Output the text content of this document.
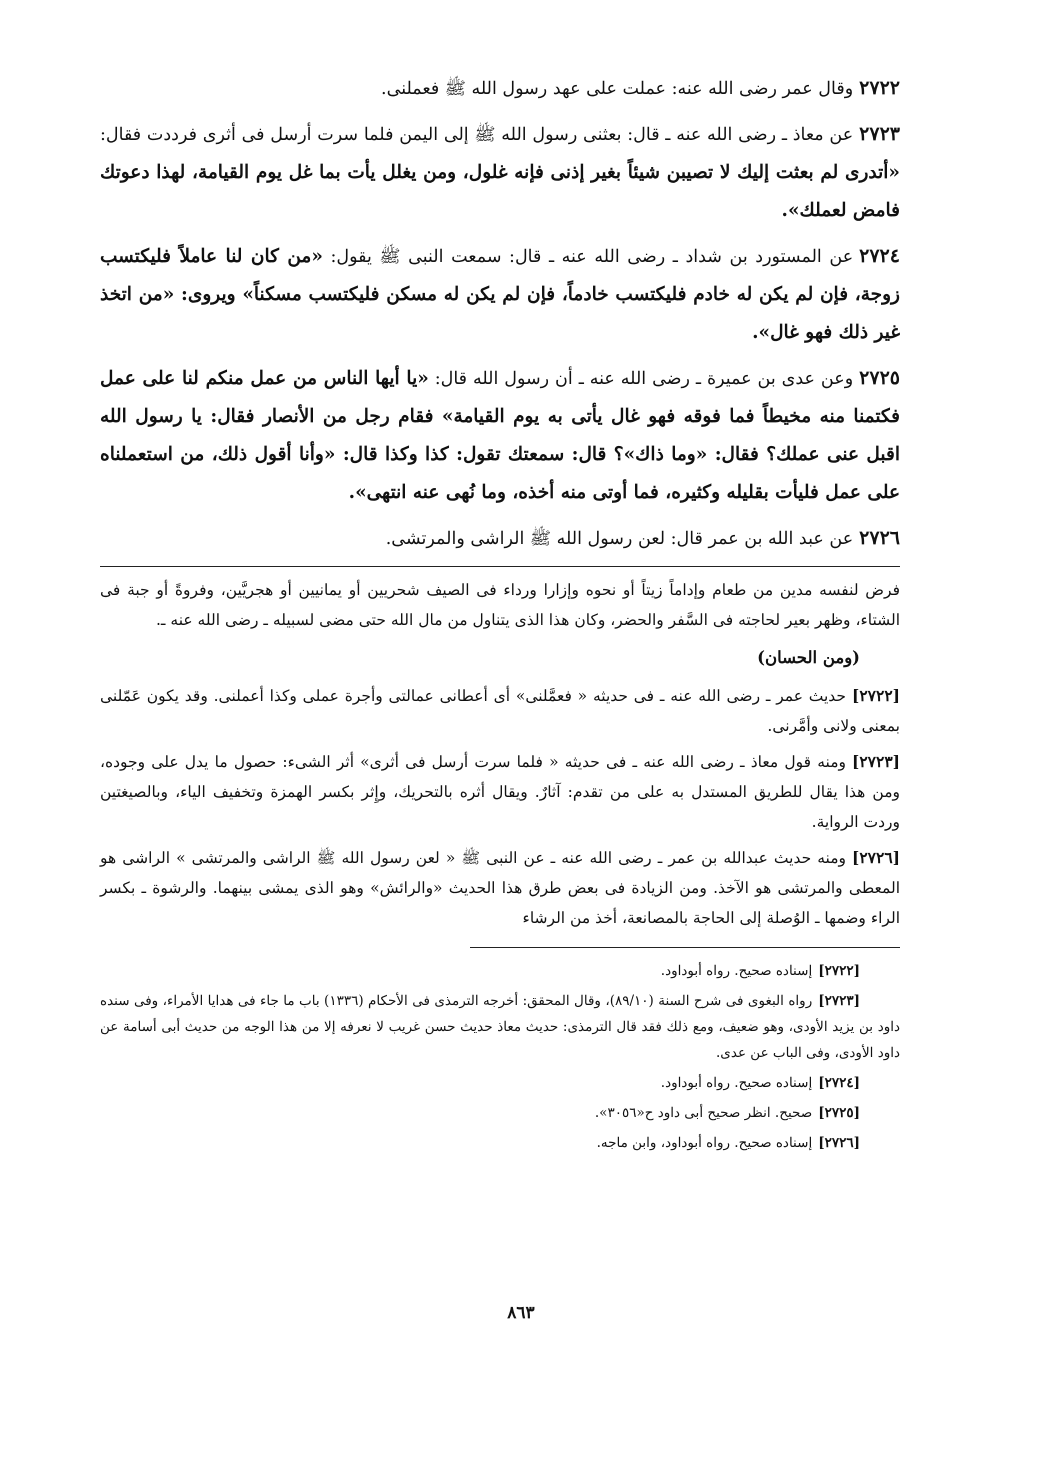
٢٧٢٢وقال عمر رضى الله عنه: عملت على عهد رسول الله ﷺ فعملنى.

٢٧٢٣عن معاذ ـ رضى الله عنه ـ قال: بعثنى رسول الله ﷺ إلى اليمن فلما سرت أرسل فى أثرى فرددت فقال: «أتدرى لم بعثت إليك لا تصيبن شيئاً بغير إذنى فإنه غلول، ومن يغلل يأت بما غل يوم القيامة، لهذا دعوتك فامض لعملك».

٢٧٢٤عن المستورد بن شداد ـ رضى الله عنه ـ قال: سمعت النبى ﷺ يقول: «من كان لنا عاملاً فليكتسب زوجة، فإن لم يكن له خادم فليكتسب خادماً، فإن لم يكن له مسكن فليكتسب مسكناً» ويروى: «من اتخذ غير ذلك فهو غال».

٢٧٢٥وعن عدى بن عميرة ـ رضى الله عنه ـ أن رسول الله قال: «يا أيها الناس من عمل منكم لنا على عمل فكتمنا منه مخيطاً فما فوقه فهو غال يأتى به يوم القيامة» فقام رجل من الأنصار فقال: يا رسول الله اقبل عنى عملك؟ فقال: «وما ذاك»؟ قال: سمعتك تقول: كذا وكذا قال: «وأنا أقول ذلك، من استعملناه على عمل فليأت بقليله وكثيره، فما أوتى منه أخذه، وما نُهى عنه انتهى».

٢٧٢٦عن عبد الله بن عمر قال: لعن رسول الله ﷺ الراشى والمرتشى.

فرض لنفسه مدين من طعام وإداماً زيتاً أو نحوه وإزارا ورداء فى الصيف شحريين أو يمانيين أو هجريَّين، وفروةً أو جبة فى الشتاء، وظهر بعير لحاجته فى السَّفر والحضر، وكان هذا الذى يتناول من مال الله حتى مضى لسبيله ـ رضى الله عنه ـ.

(ومن الحسان)

[٢٧٢٢]حديث عمر ـ رضى الله عنه ـ فى حديثه « فعمَّلنى» أى أعطانى عمالتى وأجرة عملى وكذا أعملنى. وقد يكون عَمّلنى بمعنى ولانى وأمَّرنى.

[٢٧٢٣]ومنه قول معاذ ـ رضى الله عنه ـ فى حديثه « فلما سرت أرسل فى أثرى» أثر الشىء: حصول ما يدل على وجوده، ومن هذا يقال للطريق المستدل به على من تقدم: آثارٌ. ويقال أثره بالتحريك، وإِثر بكسر الهمزة وتخفيف الياء، وبالصيغتين وردت الرواية.

[٢٧٢٦]ومنه حديث عبدالله بن عمر ـ رضى الله عنه ـ عن النبى ﷺ « لعن رسول الله ﷺ الراشى والمرتشى » الراشى هو المعطى والمرتشى هو الآخذ. ومن الزيادة فى بعض طرق هذا الحديث «والرائش» وهو الذى يمشى بينهما. والرشوة ـ بكسر الراء وضمها ـ الوُصلة إلى الحاجة بالمصانعة، أخذ من الرشاء

[٢٧٢٢]إسناده صحيح. رواه أبوداود.
[٢٧٢٣]رواه البغوى فى شرح السنة (٨٩/١٠)، وقال المحقق: أخرجه الترمذى فى الأحكام (١٣٣٦) باب ما جاء فى هدايا الأمراء، وفى سنده داود بن يزيد الأودى، وهو ضعيف، ومع ذلك فقد قال الترمذى: حديث معاذ حديث حسن غريب لا نعرفه إلا من هذا الوجه من حديث أبى أسامة عن داود الأودى، وفى الباب عن عدى.
[٢٧٢٤]إسناده صحيح. رواه أبوداود.
[٢٧٢٥]صحيح. انظر صحيح أبى داود ح«٣٠٥٦».
[٢٧٢٦]إسناده صحيح. رواه أبوداود، وابن ماجه.
٨٦٣
